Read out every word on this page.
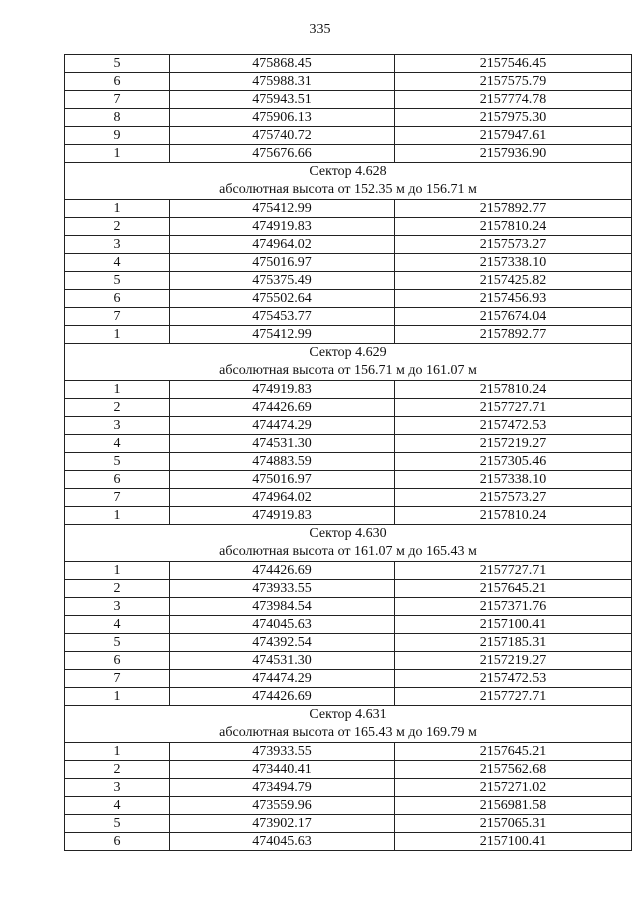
335
5	475868.45	2157546.45
6	475988.31	2157575.79
7	475943.51	2157774.78
8	475906.13	2157975.30
9	475740.72	2157947.61
1	475676.66	2157936.90

Сектор 4.628
абсолютная высота от 152.35 м до 156.71 м		

1	475412.99	2157892.77
2	474919.83	2157810.24
3	474964.02	2157573.27
4	475016.97	2157338.10
5	475375.49	2157425.82
6	475502.64	2157456.93
7	475453.77	2157674.04
1	475412.99	2157892.77

Сектор 4.629
абсолютная высота от 156.71 м до 161.07 м		

1	474919.83	2157810.24
2	474426.69	2157727.71
3	474474.29	2157472.53
4	474531.30	2157219.27
5	474883.59	2157305.46
6	475016.97	2157338.10
7	474964.02	2157573.27
1	474919.83	2157810.24

Сектор 4.630
абсолютная высота от 161.07 м до 165.43 м		

1	474426.69	2157727.71
2	473933.55	2157645.21
3	473984.54	2157371.76
4	474045.63	2157100.41
5	474392.54	2157185.31
6	474531.30	2157219.27
7	474474.29	2157472.53
1	474426.69	2157727.71

Сектор 4.631
абсолютная высота от 165.43 м до 169.79 м		

1	473933.55	2157645.21
2	473440.41	2157562.68
3	473494.79	2157271.02
4	473559.96	2156981.58
5	473902.17	2157065.31
6	474045.63	2157100.41
